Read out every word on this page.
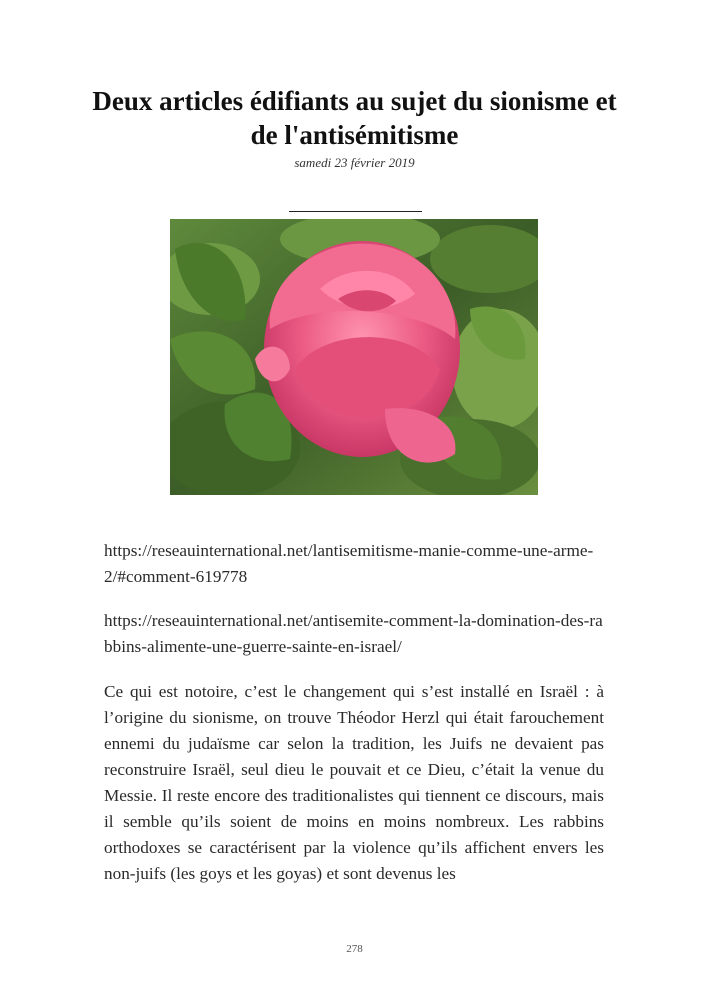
Deux articles édifiants au sujet du sionisme et de l'antisémitisme
samedi 23 février 2019
https://reseauinternational.net/lantisemitisme-manie-comme-une-arme-2/#comment-619778
https://reseauinternational.net/antisemite-comment-la-domination-des-rabbins-alimente-une-guerre-sainte-en-israel/
Ce qui est notoire, c’est le changement qui s’est installé en Israël : à l’origine du sionisme, on trouve Théodor Herzl qui était farouchement ennemi du judaïsme car selon la tradition, les Juifs ne devaient pas reconstruire Israël, seul dieu le pouvait et ce Dieu, c’était la venue du Messie. Il reste encore des traditionalistes qui tiennent ce discours, mais il semble qu’ils soient de moins en moins nombreux. Les rabbins orthodoxes se caractérisent par la violence qu’ils affichent envers les non-juifs (les goys et les goyas) et sont devenus les
278
